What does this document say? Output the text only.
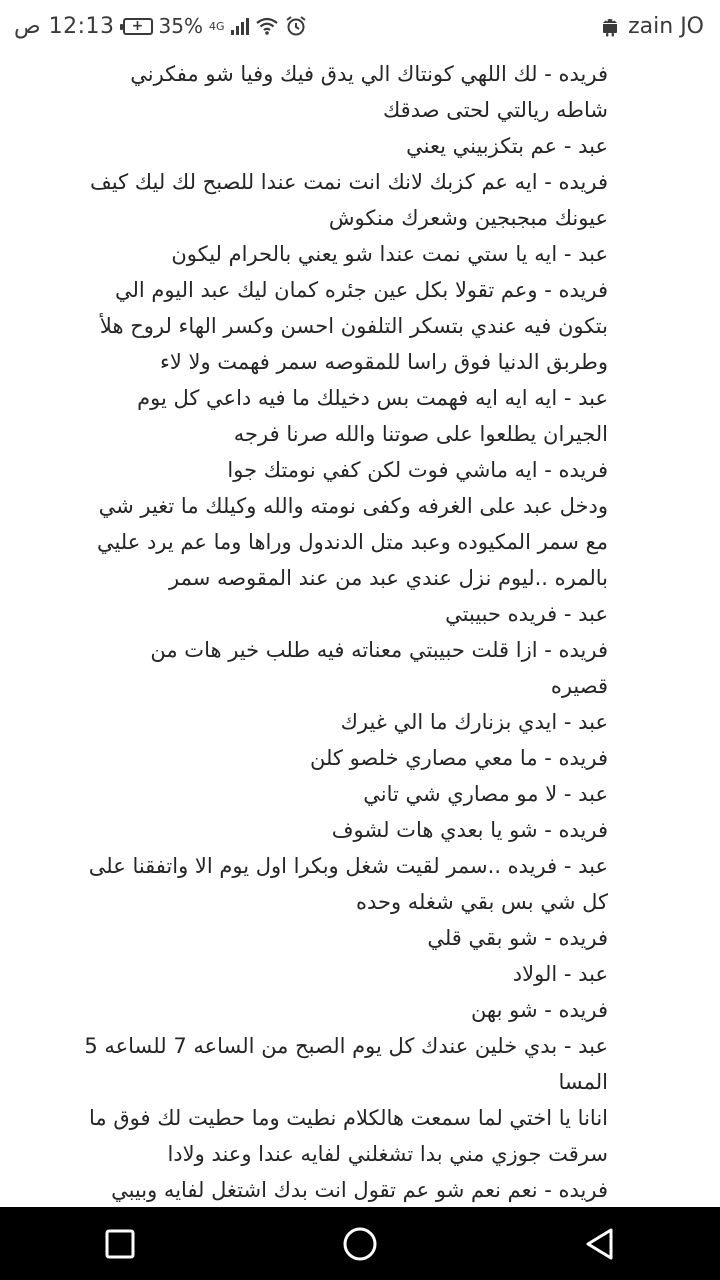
ص 12:13	+ 35% 4G	zain JO

فريده - لك اللهي كونتاك الي يدق فيك وفيا شو مفكرني

شاطه ريالتي لحتى صدقك

عبد - عم بتكزبيني يعني

فريده - ايه عم كزبك لانك انت نمت عندا للصبح لك ليك كيف

عيونك مبجبجين وشعرك منكوش

عبد - ايه يا ستي نمت عندا شو يعني بالحرام ليكون

فريده - وعم تقولا بكل عين جئره كمان ليك عبد اليوم الي

بتكون فيه عندي بتسكر التلفون احسن وكسر الهاء لروح هلأ

وطربق الدنيا فوق راسا للمقوصه سمر فهمت ولا لاء

عبد - ايه ايه ايه فهمت بس دخيلك ما فيه داعي كل يوم

الجيران يطلعوا على صوتنا والله صرنا فرجه

فريده - ايه ماشي فوت لكن كفي نومتك جوا

ودخل عبد على الغرفه وكفى نومته والله وكيلك ما تغير شي

مع سمر المكيوده وعبد متل الدندول وراها وما عم يرد عليي

بالمره ..ليوم نزل عندي عبد من عند المقوصه سمر

عبد - فريده حبيبتي

فريده - ازا قلت حبيبتي معناته فيه طلب خير هات من

قصيره

عبد - ايدي بزنارك ما الي غيرك

فريده - ما معي مصاري خلصو كلن

عبد - لا مو مصاري شي تاني

فريده - شو يا بعدي هات لشوف

عبد - فريده ..سمر لقيت شغل وبكرا اول يوم الا واتفقنا على

كل شي بس بقي شغله وحده

فريده - شو بقي قلي

عبد - الولاد

فريده - شو بهن

عبد - بدي خلين عندك كل يوم الصبح من الساعه 7 للساعه 5

المسا

انانا يا اختي لما سمعت هالكلام نطيت وما حطيت لك فوق ما

سرقت جوزي مني بدا تشغلني لفايه عندا وعند ولادا

فريده - نعم نعم شو عم تقول انت بدك اشتغل لفايه وبيبي
